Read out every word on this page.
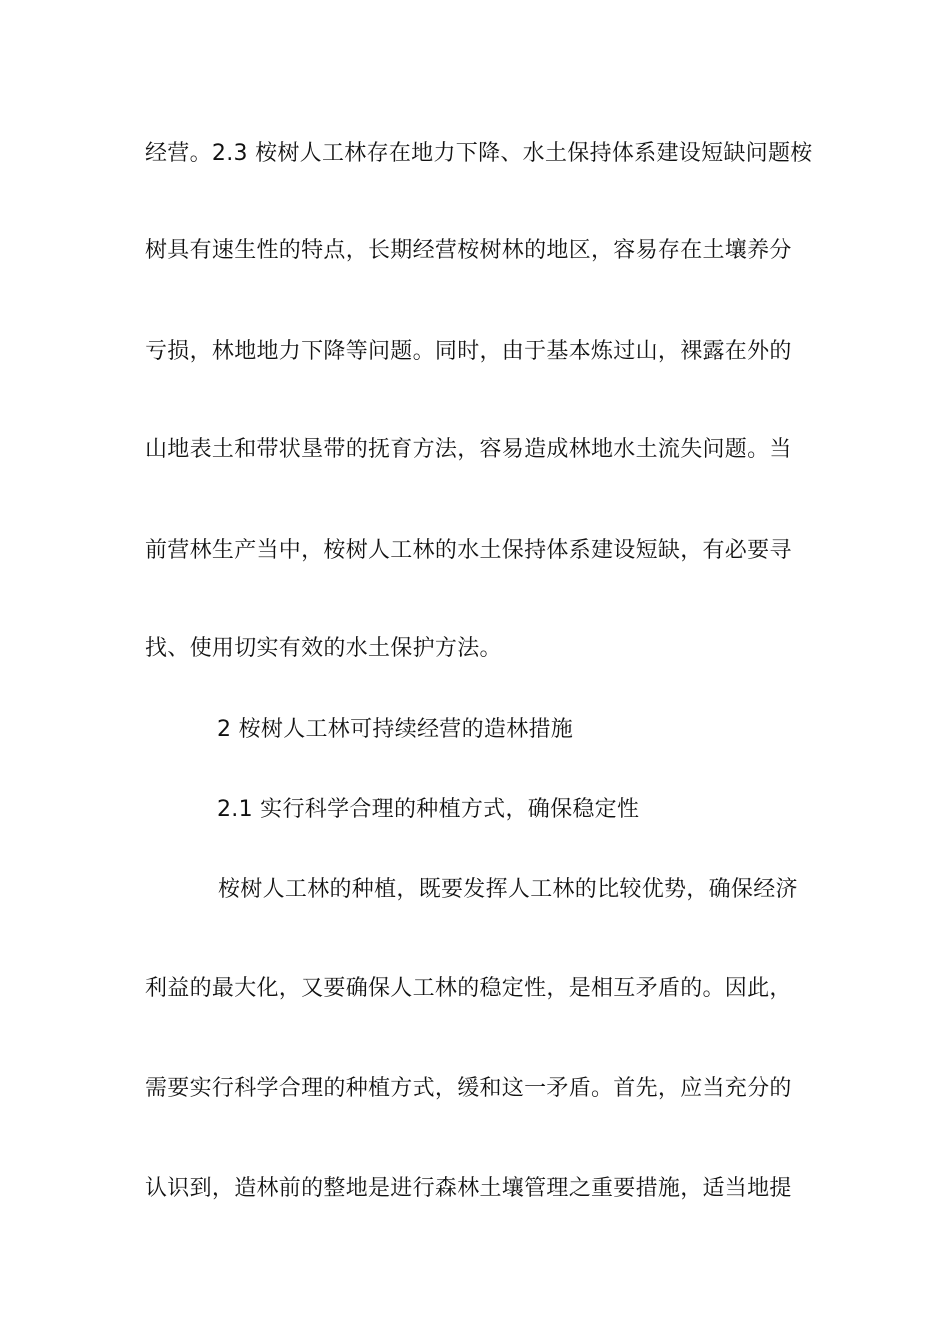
经营。2.3 桉树人工林存在地力下降、水土保持体系建设短缺问题桉
树具有速生性的特点，长期经营桉树林的地区，容易存在土壤养分
亏损，林地地力下降等问题。同时，由于基本炼过山，裸露在外的
山地表土和带状垦带的抚育方法，容易造成林地水土流失问题。当
前营林生产当中，桉树人工林的水土保持体系建设短缺，有必要寻
找、使用切实有效的水土保护方法。
2 桉树人工林可持续经营的造林措施
2.1 实行科学合理的种植方式，确保稳定性
桉树人工林的种植，既要发挥人工林的比较优势，确保经济
利益的最大化，又要确保人工林的稳定性，是相互矛盾的。因此，
需要实行科学合理的种植方式，缓和这一矛盾。首先，应当充分的
认识到，造林前的整地是进行森林土壤管理之重要措施，适当地提
